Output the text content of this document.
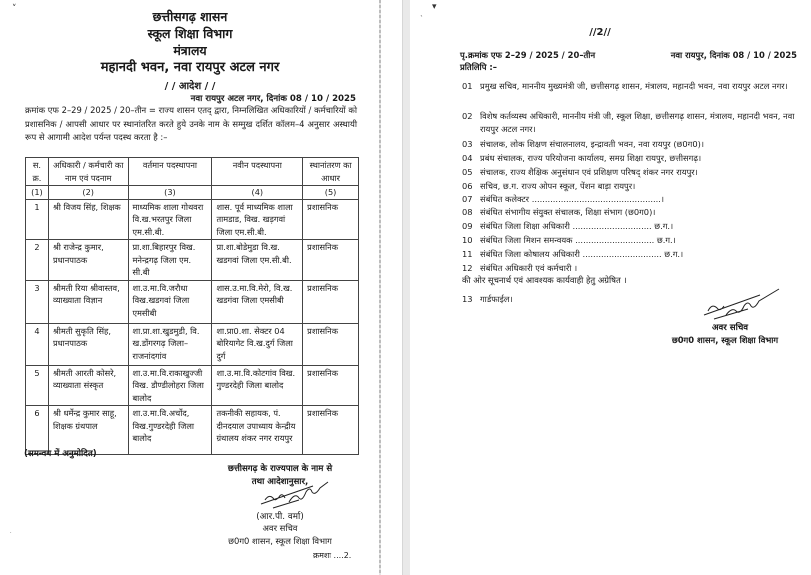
˅	छत्तीसगढ़ शासन
स्कूल शिक्षा विभाग
मंत्रालय
महानदी भवन, नवा रायपुर अटल नगर
/ / आदेश / /
नवा रायपुर अटल नगर, दिनांक 08 / 10 / 2025
क्रमांक एफ 2–29 / 2025 / 20–तीन = राज्य शासन एतद् द्वारा, निम्नलिखित अधिकारियों / कर्मचारियों को प्रशासनिक / आपसी आधार पर स्थानांतरित करते हुये उनके नाम के सम्मुख दर्शित कॉलम–4 अनुसार अस्थायी रूप से आगामी आदेश पर्यन्त पदस्थ करता है :–
स. क्र.	अधिकारी / कर्मचारी का नाम एवं पदनाम	वर्तमान पदस्थापना	नवीन पदस्थापना	स्थानांतरण का आधार
(1)	(2)	(3)	(4)	(5)
1	श्री विजय सिंह, शिक्षक	माध्यमिक शाला गोथवरा वि.ख.भरतपुर जिला एम.सी.बी.	शास. पूर्व माध्यमिक शाला तामडाड, विख. खड़गवां जिला एम.सी.बी.	प्रशासनिक
2	श्री राजेन्द्र कुमार, प्रधानपाठक	प्रा.शा.बिहारपुर विख. मनेन्द्रगढ़ जिला एम. सी.बी	प्रा.शा.बोडेमुडा वि.ख. खडगवां जिला एम.सी.बी.	प्रशासनिक
3	श्रीमती रिया श्रीवास्तव, व्याख्याता विज्ञान	शा.उ.मा.वि.जरौधा विख.खडगवां जिला एमसीबी	शास.उ.मा.वि.मेरो, वि.ख. खडगंवा जिला एमसीबी	प्रशासनिक
4	श्रीमती सुकृति सिंह, प्रधानपाठक	शा.प्रा.शा.खुडमुडी, वि. ख.डोंगरगढ़ जिला–राजनांदगांव	शा.प्रा0.शा. सेक्टर 04 बोरियागेट वि.ख.दुर्ग जिला दुर्ग	प्रशासनिक
5	श्रीमती आरती कोसरे, व्याख्याता संस्कृत	शा.उ.मा.वि.राकाखुज्जी विख. डौण्डीलोहरा जिला बालोद	शा.उ.मा.वि.कोटगांव विख. गुण्डरदेही जिला बालोद	प्रशासनिक
6	श्री धर्मेन्द्र कुमार साहू, शिक्षक ग्रंथपाल	शा.उ.मा.वि.अर्चोद, विख.गुण्डरदेही जिला बालोद	तकनीकी सहायक, पं. दीनदयाल उपाध्याय केन्द्रीय ग्रंथालय शंकर नगर रायपुर	प्रशासनिक
(समन्वय में अनुमोदित)
छत्तीसगढ़ के राज्यपाल के नाम से
तथा आदेशानुसार,
(आर.पी. वर्मा)
अवर सचिव
छ0ग0 शासन, स्कूल शिक्षा विभाग
क्रमशः ....2.
·
▾
ˎ
//2//
पृ.क्रमांक एफ 2–29 / 2025 / 20–तीन	नवा रायपुर, दिनांक 08 / 10 / 2025
प्रतिलिपि :–
01 प्रमुख सचिव, माननीय मुख्यमंत्री जी, छत्तीसगढ़ शासन, मंत्रालय, महानदी भवन, नवा रायपुर अटल नगर।
02 विशेष कर्तव्यस्थ अधिकारी, माननीय मंत्री जी, स्कूल शिक्षा, छत्तीसगढ़ शासन, मंत्रालय, महानदी भवन, नवा रायपुर अटल नगर।
03 संचालक, लोक शिक्षण संचालनालय, इन्द्रावती भवन, नवा रायपुर (छ0ग0)।
04 प्रबंध संचालक, राज्य परियोजना कार्यालय, समग्र शिक्षा रायपुर, छत्तीसगढ़।
05 संचालक, राज्य शैक्षिक अनुसंधान एवं प्रशिक्षण परिषद् शंकर नगर रायपुर।
06 सचिव, छ.ग. राज्य ओपन स्कूल, पेंशन बाड़ा रायपुर।
07 संबंधित कलेक्टर .................................................।
08 संबंधित संभागीय संयुक्त संचालक, शिक्षा संभाग (छ0ग0)।
09 संबंधित जिला शिक्षा अधिकारी .............................. छ.ग.।
10 संबंधित जिला मिशन समन्वयक .............................. छ.ग.।
11 संबंधित जिला कोषालय अधिकारी .............................. छ.ग.।
12 संबंधित अधिकारी एवं कर्मचारी ।
की ओर सूचनार्थ एवं आवश्यक कार्यवाही हेतु अग्रेषित ।
13 गार्डफाईल।
अवर सचिव
छ0ग0 शासन, स्कूल शिक्षा विभाग
